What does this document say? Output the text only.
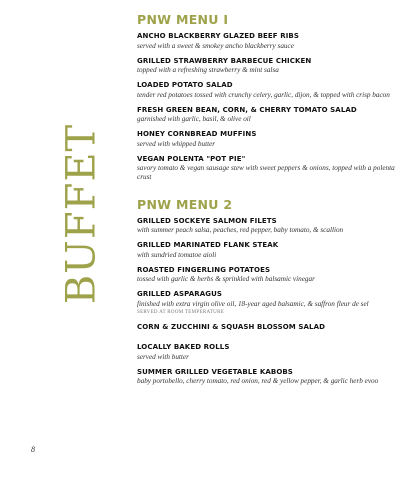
BUFFET
PNW MENU I
ANCHO BLACKBERRY GLAZED BEEF RIBS
served with a sweet & smokey ancho blackberry sauce
GRILLED STRAWBERRY BARBECUE CHICKEN
topped with a refreshing strawberry & mint salsa
LOADED POTATO SALAD
tender red potatoes tossed with crunchy celery, garlic, dijon, & topped with crisp bacon
FRESH GREEN BEAN, CORN, & CHERRY TOMATO SALAD
garnished with garlic, basil, & olive oil
HONEY CORNBREAD MUFFINS
served with whipped butter
VEGAN POLENTA "POT PIE"
savory tomato & vegan sausage stew with sweet peppers & onions, topped with a polenta crust
PNW MENU 2
GRILLED SOCKEYE SALMON FILETS
with summer peach salsa, peaches, red pepper, baby tomato, & scallion
GRILLED MARINATED FLANK STEAK
with sundried tomatoe aioli
ROASTED FINGERLING POTATOES
tossed with garlic & herbs & sprinkled with balsamic vinegar
GRILLED ASPARAGUS
finished with extra virgin olive oil, 18-year aged balsamic, & saffron fleur de sel
SERVED AT ROOM TEMPERATURE
CORN & ZUCCHINI & SQUASH BLOSSOM SALAD
LOCALLY BAKED ROLLS
served with butter
SUMMER GRILLED VEGETABLE KABOBS
baby portobello, cherry tomato, red onion, red & yellow pepper, & garlic herb evoo
8
